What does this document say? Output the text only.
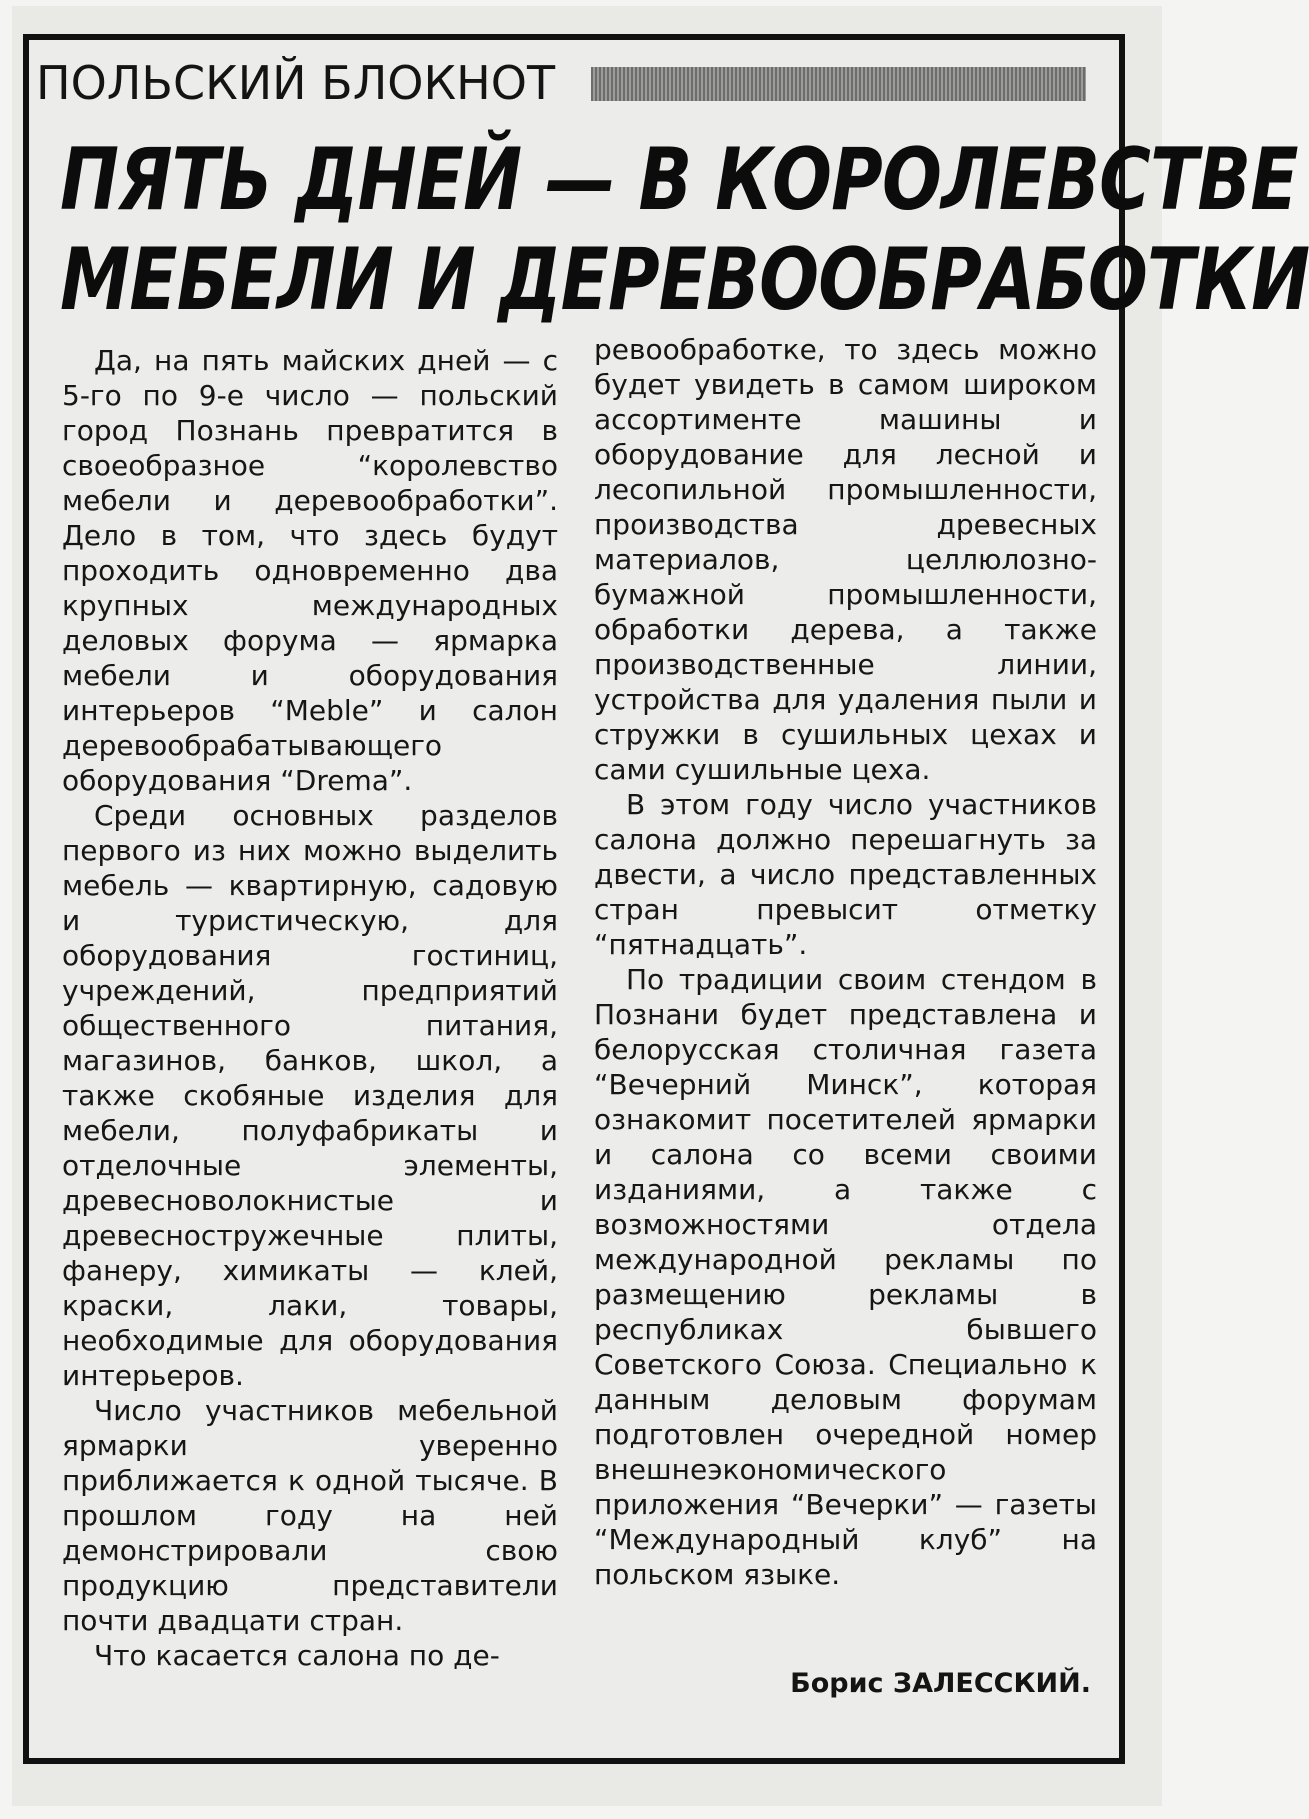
ПОЛЬСКИЙ БЛОКНОТ
ПЯТЬ ДНЕЙ — В КОРОЛЕВСТВЕ
МЕБЕЛИ И ДЕРЕВООБРАБОТКИ

Да, на пять майских дней — с 5-го по 9-е число — польский город Познань превратится в своеобразное “королевство мебели и деревообработки”. Дело в том, что здесь будут проходить одновременно два крупных международных деловых форума — ярмарка мебели и оборудования интерьеров “Meble” и салон деревообрабатывающего оборудования “Drema”.

Среди основных разделов первого из них можно выделить мебель — квартирную, садовую и туристическую, для оборудования гостиниц, учреждений, предприятий общественного питания, магазинов, банков, школ, а также скобяные изделия для мебели, полуфабрикаты и отделочные элементы, древесноволокнистые и древесностружечные плиты, фанеру, химикаты — клей, краски, лаки, товары, необходимые для оборудования интерьеров.

Число участников мебельной ярмарки уверенно приближается к одной тысяче. В прошлом году на ней демонстрировали свою продукцию представители почти двадцати стран.

Что касается салона по де-

ревообработке, то здесь можно будет увидеть в самом широком ассортименте машины и оборудование для лесной и лесопильной промышленности, производства древесных материалов, целлюлозно-бумажной промышленности, обработки дерева, а также производственные линии, устройства для удаления пыли и стружки в сушильных цехах и сами сушильные цеха.

В этом году число участников салона должно перешагнуть за двести, а число представленных стран превысит отметку “пятнадцать”.

По традиции своим стендом в Познани будет представлена и белорусская столичная газета “Вечерний Минск”, которая ознакомит посетителей ярмарки и салона со всеми своими изданиями, а также с возможностями отдела международной рекламы по размещению рекламы в республиках бывшего Советского Союза. Специально к данным деловым форумам подготовлен очередной номер внешнеэкономического приложения “Вечерки” — газеты “Международный клуб” на польском языке.

Борис ЗАЛЕССКИЙ.
